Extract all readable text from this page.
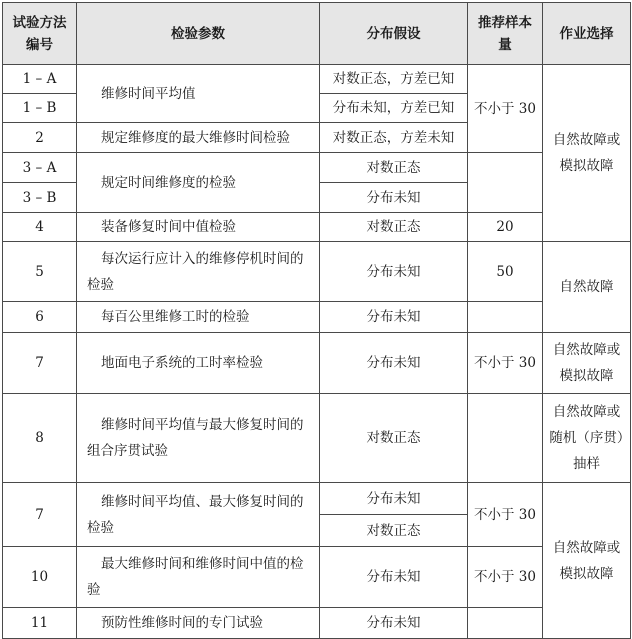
试验方法编号	检验参数	分布假设	推荐样本量	作业选择
1 – A	维修时间平均值	对数正态，方差已知	不小于 30	自然故障或模拟故障
1 – B		分布未知，方差已知		
2	规定维修度的最大维修时间检验	对数正态，方差未知		
3 – A	规定时间维修度的检验	对数正态		
3 – B		分布未知		
4	装备修复时间中值检验	对数正态	20	
5	每次运行应计入的维修停机时间的检验	分布未知	50	自然故障
6	每百公里维修工时的检验	分布未知		
7	地面电子系统的工时率检验	分布未知	不小于 30	自然故障或模拟故障
8	维修时间平均值与最大修复时间的组合序贯试验	对数正态		自然故障或随机（序贯）抽样
7	维修时间平均值、最大修复时间的检验	分布未知	不小于 30	自然故障或模拟故障
		对数正态		
10	最大维修时间和维修时间中值的检验	分布未知	不小于 30	
11	预防性维修时间的专门试验	分布未知		
